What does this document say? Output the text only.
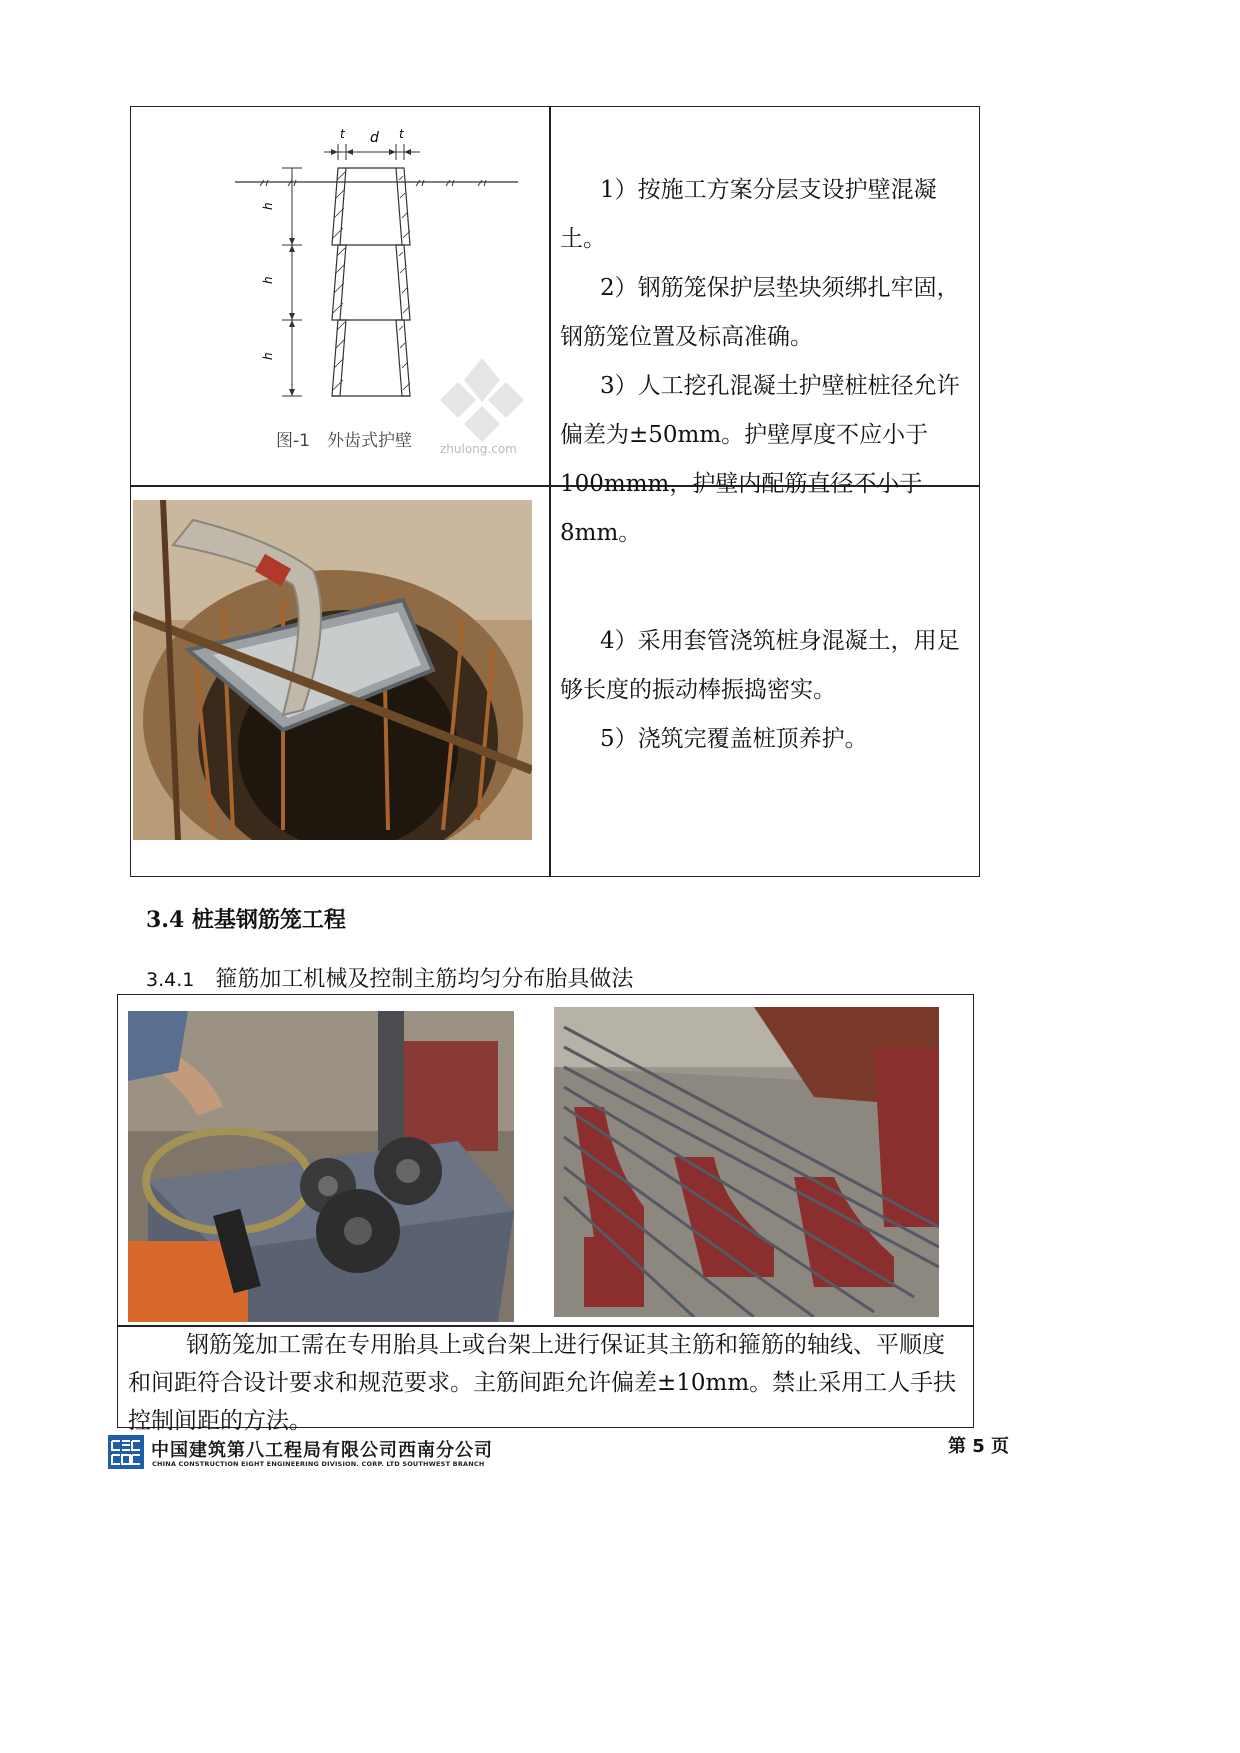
zhulong.com
t d t
h
h
h
图-1　外齿式护壁

1）按施工方案分层支设护壁混凝土。

2）钢筋笼保护层垫块须绑扎牢固，钢筋笼位置及标高准确。

3）人工挖孔混凝土护壁桩桩径允许偏差为±50mm。护壁厚度不应小于100mmm，护壁内配筋直径不小于8mm。

4）采用套管浇筑桩身混凝土，用足够长度的振动棒振捣密实。

5）浇筑完覆盖桩顶养护。

3.4 桩基钢筋笼工程
3.4.1 箍筋加工机械及控制主筋均匀分布胎具做法
钢筋笼加工需在专用胎具上或台架上进行保证其主筋和箍筋的轴线、平顺度和间距符合设计要求和规范要求。主筋间距允许偏差±10mm。禁止采用工人手扶控制间距的方法。
中国建筑第八工程局有限公司西南分公司
CHINA CONSTRUCTION EIGHT ENGINEERING DIVISION. CORP. LTD SOUTHWEST BRANCH
第 5 页
